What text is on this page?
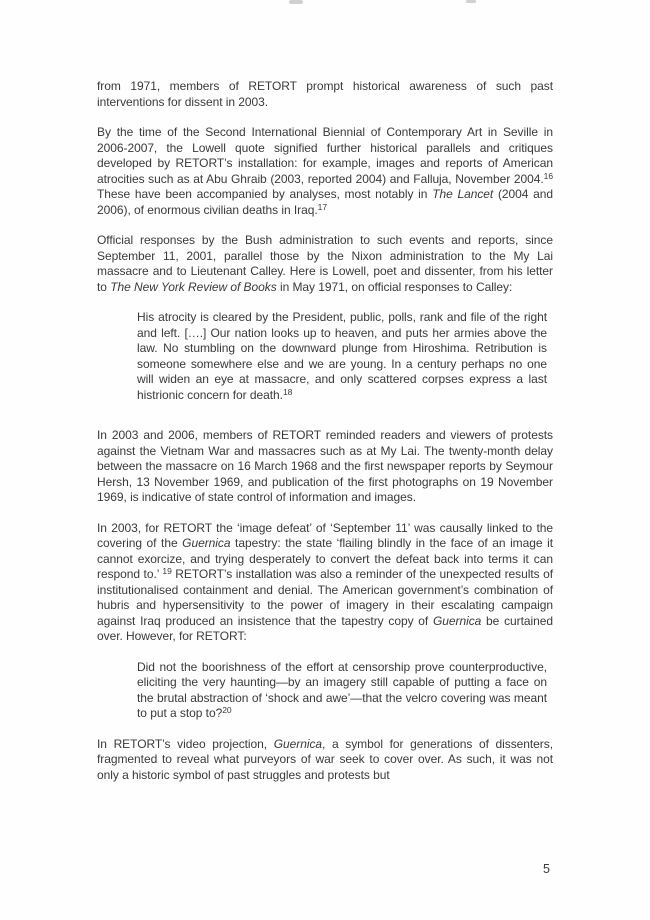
from 1971, members of RETORT prompt historical awareness of such past interventions for dissent in 2003.

By the time of the Second International Biennial of Contemporary Art in Seville in 2006-2007, the Lowell quote signified further historical parallels and critiques developed by RETORT’s installation: for example, images and reports of American atrocities such as at Abu Ghraib (2003, reported 2004) and Falluja, November 2004.16 These have been accompanied by analyses, most notably in The Lancet (2004 and 2006), of enormous civilian deaths in Iraq.$^{17}$

Official responses by the Bush administration to such events and reports, since September 11, 2001, parallel those by the Nixon administration to the My Lai massacre and to Lieutenant Calley. Here is Lowell, poet and dissenter, from his letter to The New York Review of Books in May 1971, on official responses to Calley:

His atrocity is cleared by the President, public, polls, rank and file of the right and left. [….] Our nation looks up to heaven, and puts her armies above the law. No stumbling on the downward plunge from Hiroshima. Retribution is someone somewhere else and we are young. In a century perhaps no one will widen an eye at massacre, and only scattered corpses express a last histrionic concern for death.$^{18}$

In 2003 and 2006, members of RETORT reminded readers and viewers of protests against the Vietnam War and massacres such as at My Lai. The twenty-month delay between the massacre on 16 March 1968 and the first newspaper reports by Seymour Hersh, 13 November 1969, and publication of the first photographs on 19 November 1969, is indicative of state control of information and images.

In 2003, for RETORT the ‘image defeat’ of ‘September 11’ was causally linked to the covering of the Guernica tapestry: the state ‘flailing blindly in the face of an image it cannot exorcize, and trying desperately to convert the defeat back into terms it can respond to.’ $^{19}$ RETORT’s installation was also a reminder of the unexpected results of institutionalised containment and denial. The American government’s combination of hubris and hypersensitivity to the power of imagery in their escalating campaign against Iraq produced an insistence that the tapestry copy of Guernica be curtained over. However, for RETORT:

Did not the boorishness of the effort at censorship prove counterproductive, eliciting the very haunting—by an imagery still capable of putting a face on the brutal abstraction of ‘shock and awe’—that the velcro covering was meant to put a stop to?$^{20}$

In RETORT’s video projection, Guernica, a symbol for generations of dissenters, fragmented to reveal what purveyors of war seek to cover over. As such, it was not only a historic symbol of past struggles and protests but

5
